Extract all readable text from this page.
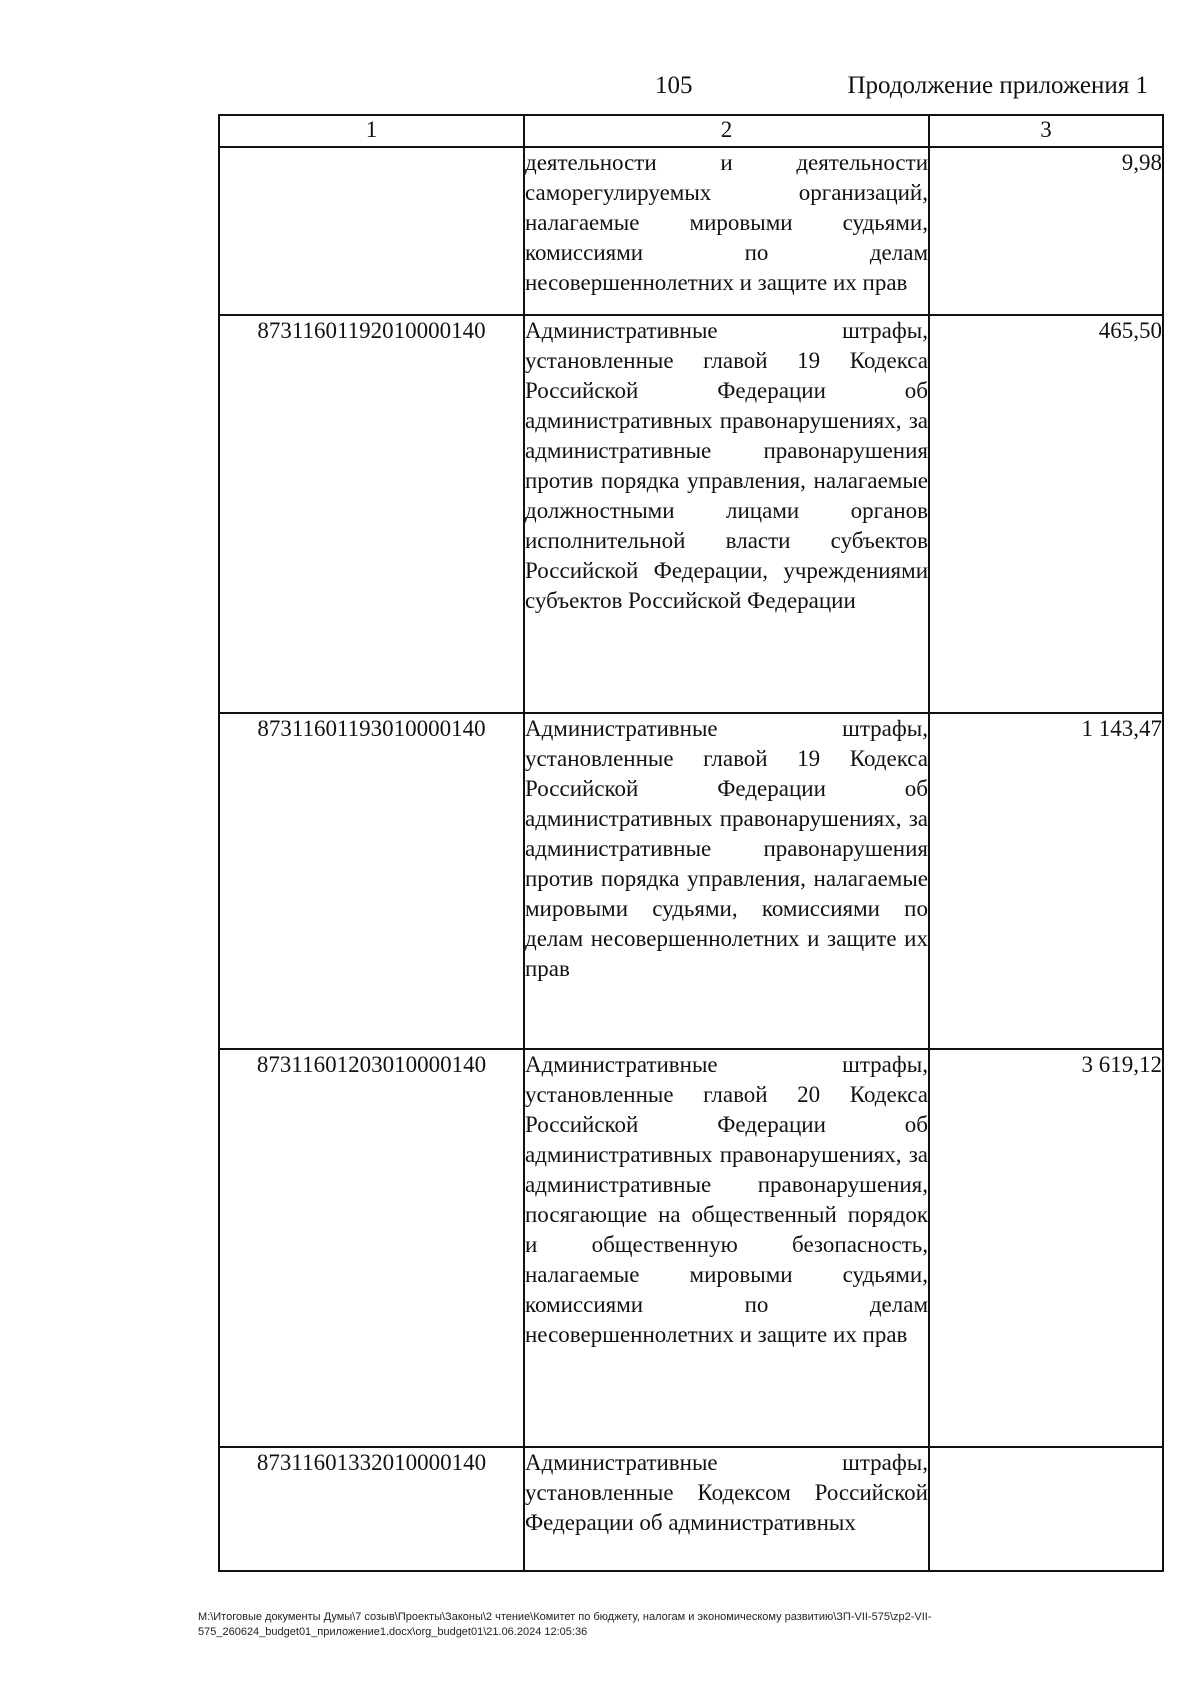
105	Продолжение приложения 1
1	2	3

	деятельности и деятельности саморегулируемых организаций, налагаемые мировыми судьями, комиссиями по делам несовершеннолетних и защите их прав	9,98
87311601192010000140	Административные штрафы, установленные главой 19 Кодекса Российской Федерации об административных правонарушениях, за административные правонарушения против порядка управления, налагаемые должностными лицами органов исполнительной власти субъектов Российской Федерации, учреждениями субъектов Российской Федерации	465,50
87311601193010000140	Административные штрафы, установленные главой 19 Кодекса Российской Федерации об административных правонарушениях, за административные правонарушения против порядка управления, налагаемые мировыми судьями, комиссиями по делам несовершеннолетних и защите их прав	1 143,47
87311601203010000140	Административные штрафы, установленные главой 20 Кодекса Российской Федерации об административных правонарушениях, за административные правонарушения, посягающие на общественный порядок и общественную безопасность, налагаемые мировыми судьями, комиссиями по делам несовершеннолетних и защите их прав	3 619,12
87311601332010000140	Административные штрафы, установленные Кодексом Российской Федерации об административных	

M:\Итоговые документы Думы\7 созыв\Проекты\Законы\2 чтение\Комитет по бюджету, налогам и экономическому развитию\ЗП-VII-575\zp2-VII-575_260624_budget01_приложение1.docx\org_budget01\21.06.2024 12:05:36
